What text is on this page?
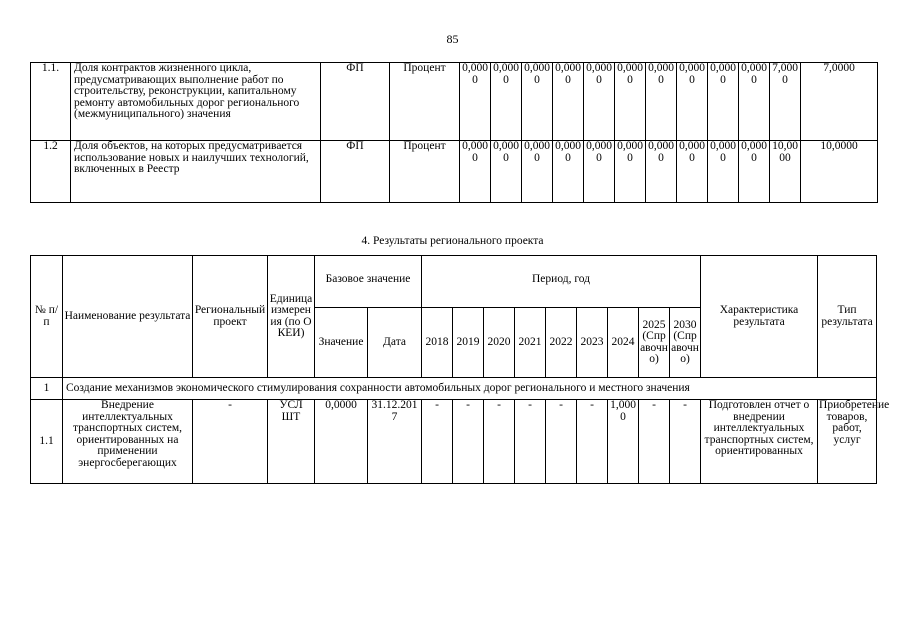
85
1.1.	Доля контрактов жизненного цикла, предусматривающих выполнение работ по строительству, реконструкции, капитальному ремонту автомобильных дорог регионального (межмуниципального) значения	ФП	Процент	0,0000	0,0000	0,0000	0,0000	0,0000	0,0000	0,0000	0,0000	0,0000	0,0000	7,0000	7,0000
1.2	Доля объектов, на которых предусматривается использование новых и наилучших технологий, включенных в Реестр	ФП	Процент	0,0000	0,0000	0,0000	0,0000	0,0000	0,0000	0,0000	0,0000	0,0000	0,0000	10,0000	10,0000
4. Результаты регионального проекта
№ п/п	Наименование результата	Региональный проект	Единица измерения (по ОКЕИ)	Базовое значение		Период, год									Характеристика результата	Тип результата
				Значение	Дата	2018	2019	2020	2021	2022	2023	2024	2025 (Справочно)	2030 (Справочно)		
1	Создание механизмов экономического стимулирования сохранности автомобильных дорог регионального и местного значения															
1.1	Внедрение интеллектуальных транспортных систем, ориентированных на применении энергосберегающих	-	УСЛ ШТ	0,0000	31.12.2017	-	-	-	-	-	-	1,0000	-	-	Подготовлен отчет о внедрении интеллектуальных транспортных систем, ориентированных	Приобретение товаров, работ, услуг
